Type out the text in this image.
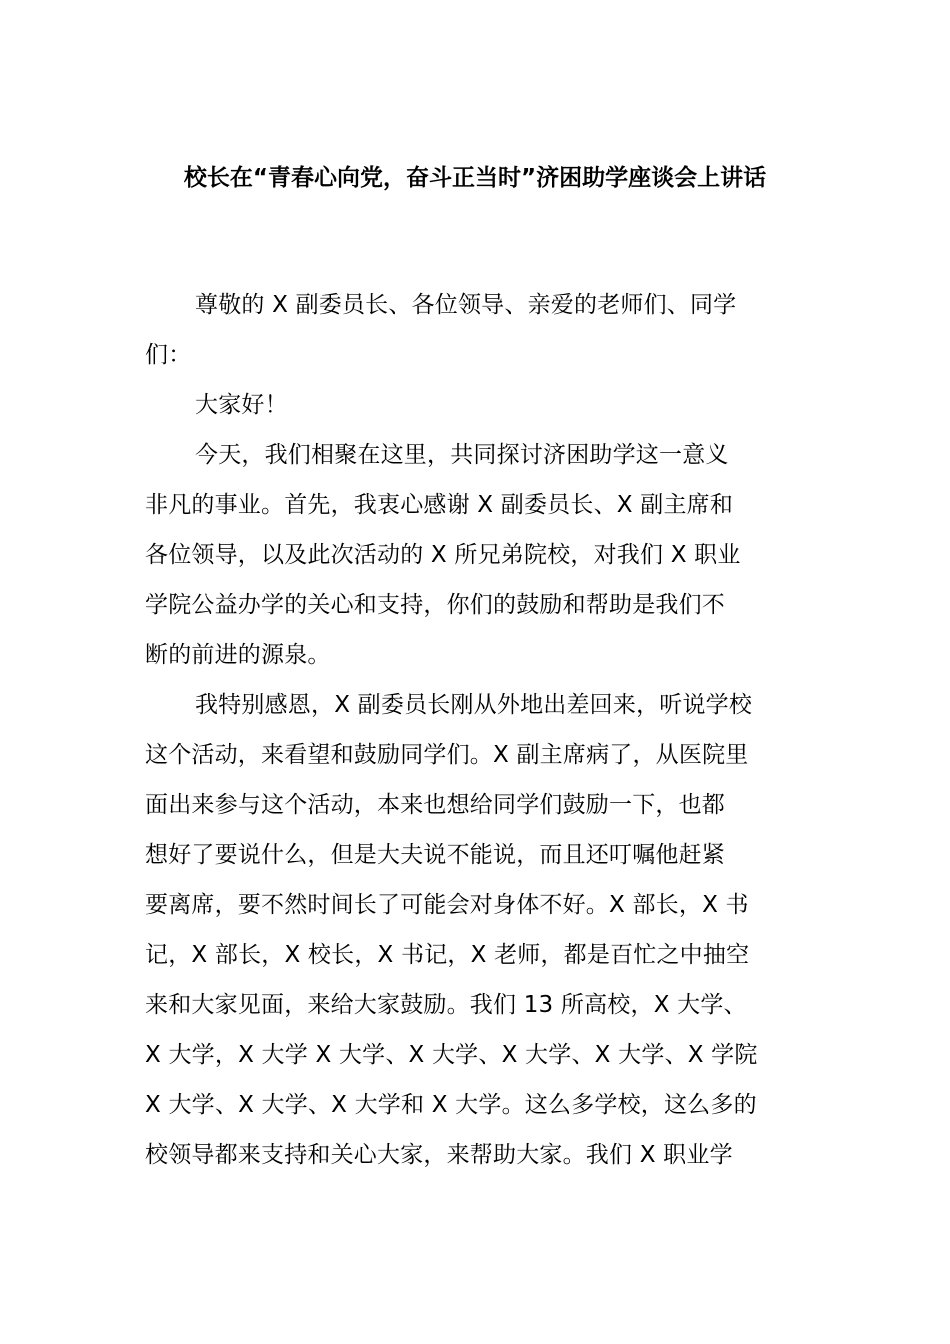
校长在“青春心向党，奋斗正当时”济困助学座谈会上讲话
尊敬的 X 副委员长、各位领导、亲爱的老师们、同学
们：
大家好！
今天，我们相聚在这里，共同探讨济困助学这一意义
非凡的事业。首先，我衷心感谢 X 副委员长、X 副主席和
各位领导，以及此次活动的 X 所兄弟院校，对我们 X 职业
学院公益办学的关心和支持，你们的鼓励和帮助是我们不
断的前进的源泉。
我特别感恩，X 副委员长刚从外地出差回来，听说学校
这个活动，来看望和鼓励同学们。X 副主席病了，从医院里
面出来参与这个活动，本来也想给同学们鼓励一下，也都
想好了要说什么，但是大夫说不能说，而且还叮嘱他赶紧
要离席，要不然时间长了可能会对身体不好。X 部长，X 书
记，X 部长，X 校长，X 书记，X 老师，都是百忙之中抽空
来和大家见面，来给大家鼓励。我们 13 所高校，X 大学、
X 大学，X 大学 X 大学、X 大学、X 大学、X 大学、X 学院
X 大学、X 大学、X 大学和 X 大学。这么多学校，这么多的
校领导都来支持和关心大家，来帮助大家。我们 X 职业学
